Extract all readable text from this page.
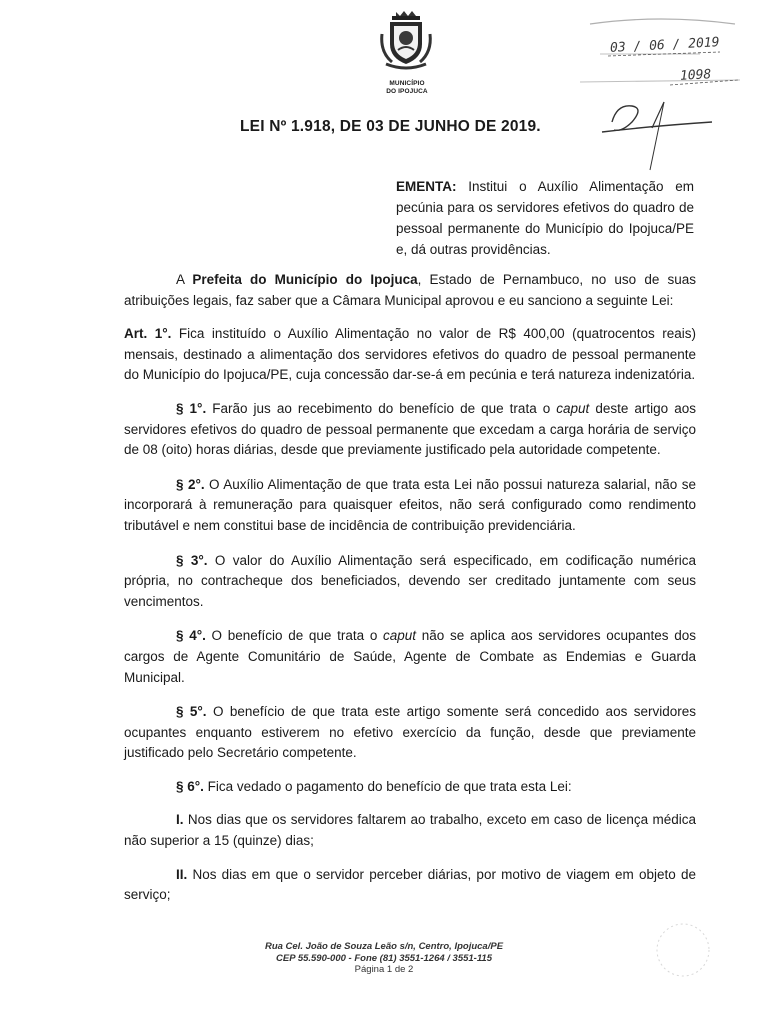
MUNICÍPIO
DO IPOJUCA
03 / 06 / 2019
1098
LEI Nº 1.918, DE 03 DE JUNHO DE 2019.
EMENTA: Institui o Auxílio Alimentação em pecúnia para os servidores efetivos do quadro de pessoal permanente do Município do Ipojuca/PE e, dá outras providências.

A Prefeita do Município do Ipojuca, Estado de Pernambuco, no uso de suas atribuições legais, faz saber que a Câmara Municipal aprovou e eu sanciono a seguinte Lei:

Art. 1°. Fica instituído o Auxílio Alimentação no valor de R$ 400,00 (quatrocentos reais) mensais, destinado a alimentação dos servidores efetivos do quadro de pessoal permanente do Município do Ipojuca/PE, cuja concessão dar-se-á em pecúnia e terá natureza indenizatória.

§ 1°. Farão jus ao recebimento do benefício de que trata o caput deste artigo aos servidores efetivos do quadro de pessoal permanente que excedam a carga horária de serviço de 08 (oito) horas diárias, desde que previamente justificado pela autoridade competente.

§ 2°. O Auxílio Alimentação de que trata esta Lei não possui natureza salarial, não se incorporará à remuneração para quaisquer efeitos, não será configurado como rendimento tributável e nem constitui base de incidência de contribuição previdenciária.

§ 3°. O valor do Auxílio Alimentação será especificado, em codificação numérica própria, no contracheque dos beneficiados, devendo ser creditado juntamente com seus vencimentos.

§ 4°. O benefício de que trata o caput não se aplica aos servidores ocupantes dos cargos de Agente Comunitário de Saúde, Agente de Combate as Endemias e Guarda Municipal.

§ 5°. O benefício de que trata este artigo somente será concedido aos servidores ocupantes enquanto estiverem no efetivo exercício da função, desde que previamente justificado pelo Secretário competente.

§ 6°. Fica vedado o pagamento do benefício de que trata esta Lei:

I. Nos dias que os servidores faltarem ao trabalho, exceto em caso de licença médica não superior a 15 (quinze) dias;

II. Nos dias em que o servidor perceber diárias, por motivo de viagem em objeto de serviço;

Rua Cel. João de Souza Leão s/n, Centro, Ipojuca/PE
CEP 55.590-000 - Fone (81) 3551-1264 / 3551-115
Página 1 de 2
